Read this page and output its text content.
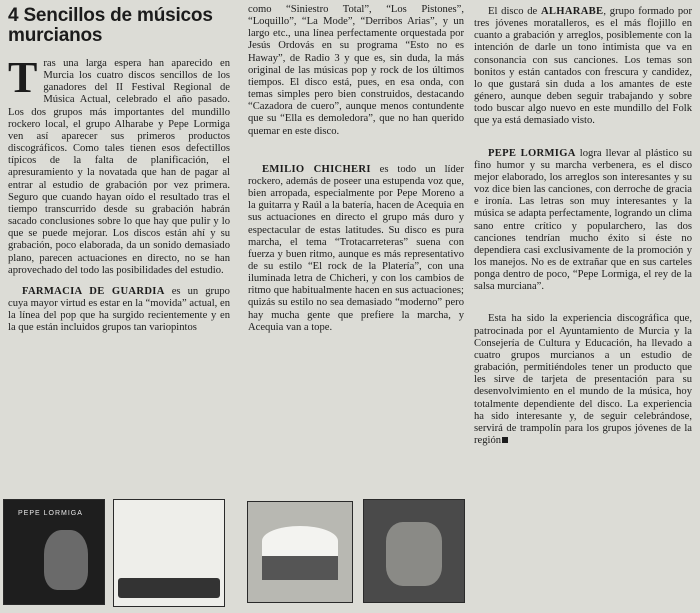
4 Sencillos de músicos murcianos

Tras una larga espera han aparecido en Murcia los cuatro discos sencillos de los ganadores del II Festival Regional de Música Actual, celebrado el año pasado. Los dos grupos más importantes del mundillo rockero local, el grupo Alharabe y Pepe Lormiga ven así aparecer sus primeros productos discográficos. Como tales tienen esos defectillos típicos de la falta de planificación, el apresuramiento y la novatada que han de pagar al entrar al estudio de grabación por vez primera. Seguro que cuando hayan oído el resultado tras el tiempo transcurrido desde su grabación habrán sacado conclusiones sobre lo que hay que pulir y lo que se puede mejorar. Los discos están ahí y su grabación, poco elaborada, da un sonido demasiado plano, parecen actuaciones en directo, no se han aprovechado del todo las posibilidades del estudio.

FARMACIA DE GUARDIA es un grupo cuya mayor virtud es estar en la “movida” actual, en la línea del pop que ha surgido recientemente y en la que están incluidos grupos tan variopintos

como “Siniestro Total”, “Los Pistones”, “Loquillo”, “La Mode”, “Derribos Arias”, y un largo etc., una línea perfectamente orquestada por Jesús Ordovás en su programa “Esto no es Haway”, de Radio 3 y que es, sin duda, la más original de las músicas pop y rock de los últimos tiempos. El disco está, pues, en esa onda, con temas simples pero bien construidos, destacando “Cazadora de cuero”, aunque menos contundente que su “Ella es demoledora”, que no han querido quemar en este disco.

EMILIO CHICHERI es todo un líder rockero, además de poseer una estupenda voz que, bien arropada, especialmente por Pepe Moreno a la guitarra y Raúl a la batería, hacen de Acequia en sus actuaciones en directo el grupo más duro y espectacular de estas latitudes. Su disco es pura marcha, el tema “Trotacarreteras” suena con fuerza y buen ritmo, aunque es más representativo de su estilo “El rock de la Platería”, con una iluminada letra de Chicheri, y con los cambios de ritmo que habitualmente hacen en sus actuaciones; quizás su estilo no sea demasiado “moderno” pero hay mucha gente que prefiere la marcha, y Acequia van a tope.

El disco de ALHARABE, grupo formado por tres jóvenes moratalleros, es el más flojillo en cuanto a grabación y arreglos, posiblemente con la intención de darle un tono intimista que va en consonancia con sus canciones. Los temas son bonitos y están cantados con frescura y candidez, lo que gustará sin duda a los amantes de este género, aunque deben seguir trabajando y sobre todo buscar algo nuevo en este mundillo del Folk que ya está demasiado visto.

PEPE LORMIGA logra llevar al plástico su fino humor y su marcha verbenera, es el disco mejor elaborado, los arreglos son interesantes y su voz dice bien las canciones, con derroche de gracia e ironía. Las letras son muy interesantes y la música se adapta perfectamente, logrando un clima sano entre crítico y popularchero, las dos canciones tendrían mucho éxito si éste no dependiera casi exclusivamente de la promoción y los manejos. No es de extrañar que en sus carteles ponga dentro de poco, “Pepe Lormiga, el rey de la salsa murciana”.

Esta ha sido la experiencia discográfica que, patrocinada por el Ayuntamiento de Murcia y la Consejería de Cultura y Educación, ha llevado a cuatro grupos murcianos a un estudio de grabación, permitiéndoles tener un producto que les sirve de tarjeta de presentación para su desenvolvimiento en el mundo de la música, hoy totalmente dependiente del disco. La experiencia ha sido interesante y, de seguir celebrándose, servirá de trampolín para los grupos jóvenes de la región

PEPE LORMIGA
